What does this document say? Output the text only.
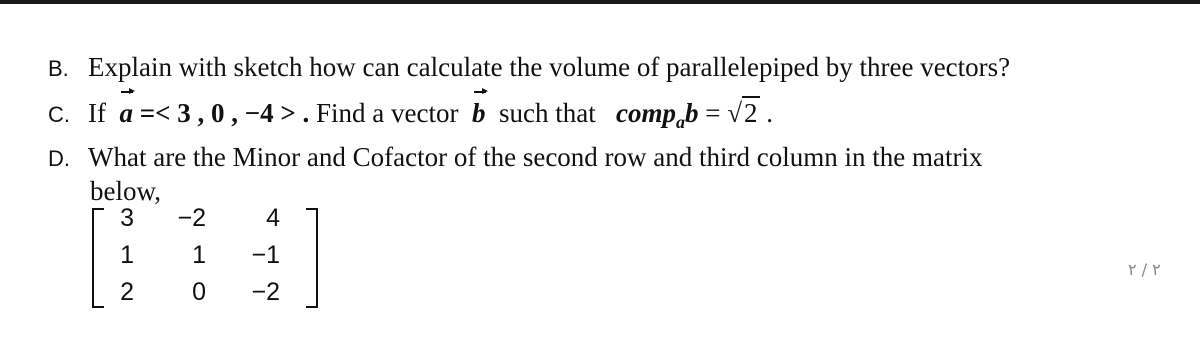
B. Explain with sketch how can calculate the volume of parallelepiped by three vectors?
C. If a =< 3 , 0 , −4 > . Find a vector b such that comp$_a$b = √2 .
D. What are the Minor and Cofactor of the second row and third column in the matrix
below,
3	−2	4
1	1	−1
2	0	−2
٢ / ٢
